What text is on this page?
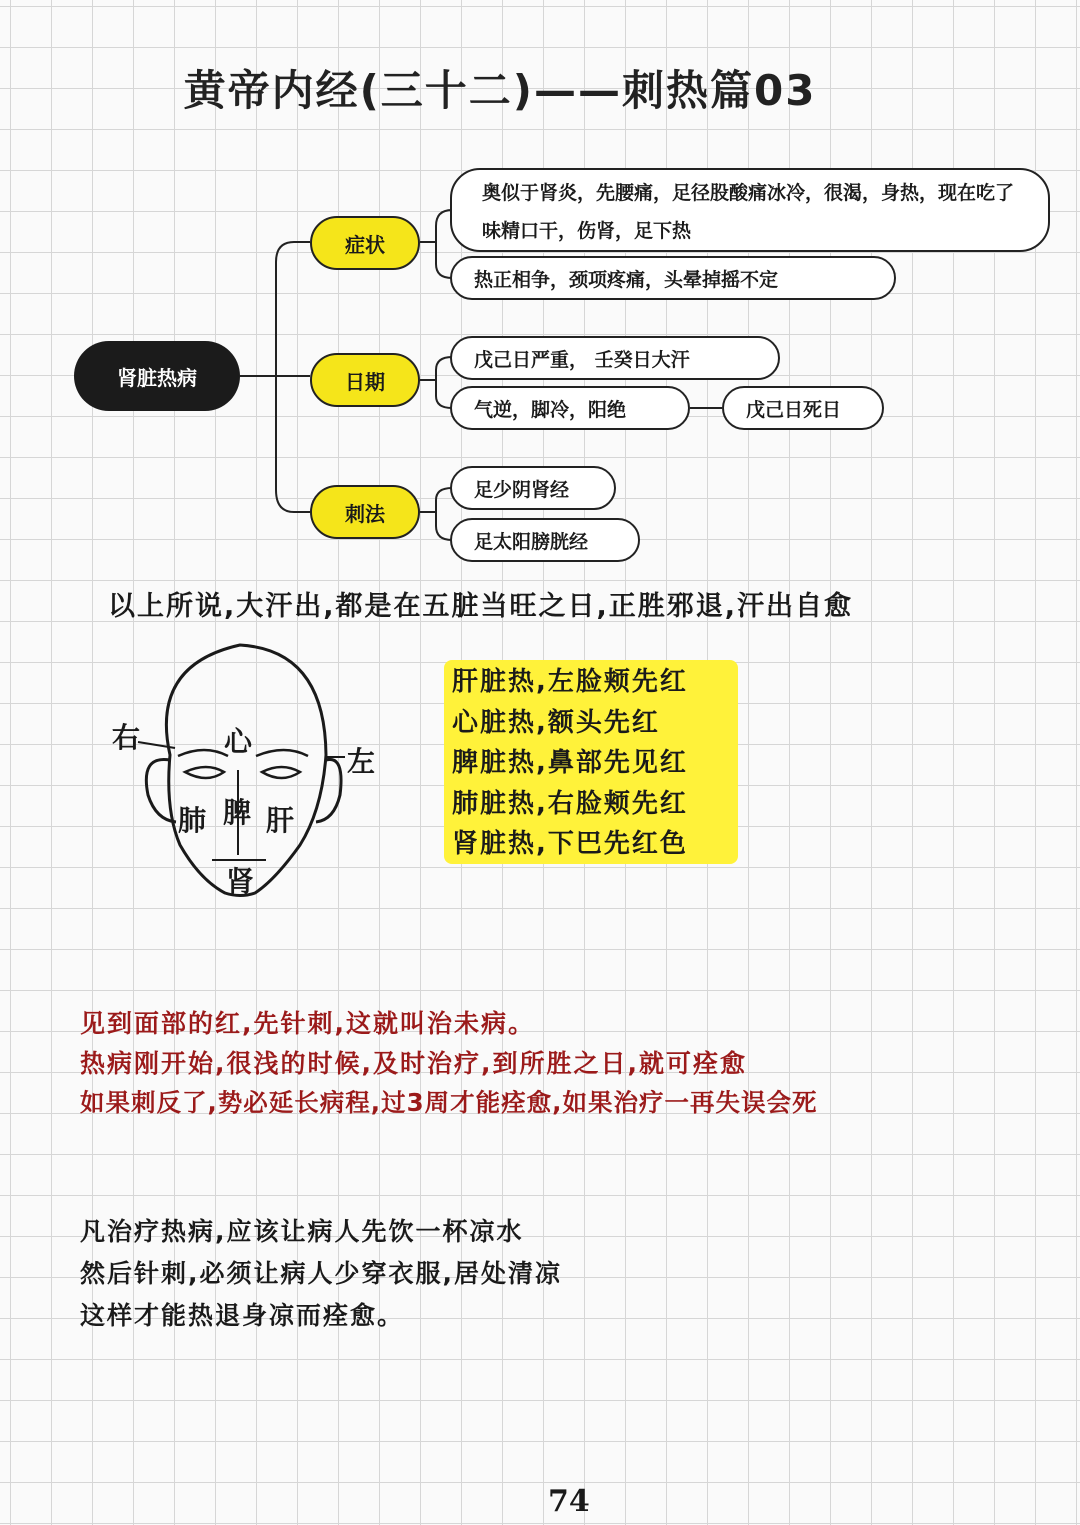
黄帝内经(三十二)——刺热篇03
肾脏热病
症状
日期
刺法
奥似于肾炎，先腰痛，足径股酸痛冰冷，很渴，身热，现在吃了味精口干，伤肾，足下热
热正相争，颈项疼痛，头晕掉摇不定
戊己日严重， 壬癸日大汗
气逆，脚冷，阳绝	戊己日死日
足少阴肾经
足太阳膀胱经
以上所说,大汗出,都是在五脏当旺之日,正胜邪退,汗出自愈
右
左
心
肺 脾 肝
肾
肝脏热,左脸颊先红
心脏热,额头先红
脾脏热,鼻部先见红
肺脏热,右脸颊先红
肾脏热,下巴先红色
见到面部的红,先针刺,这就叫治未病。
热病刚开始,很浅的时候,及时治疗,到所胜之日,就可痊愈
如果刺反了,势必延长病程,过3周才能痊愈,如果治疗一再失误会死
凡治疗热病,应该让病人先饮一杯凉水
然后针刺,必须让病人少穿衣服,居处清凉
这样才能热退身凉而痊愈。
74
